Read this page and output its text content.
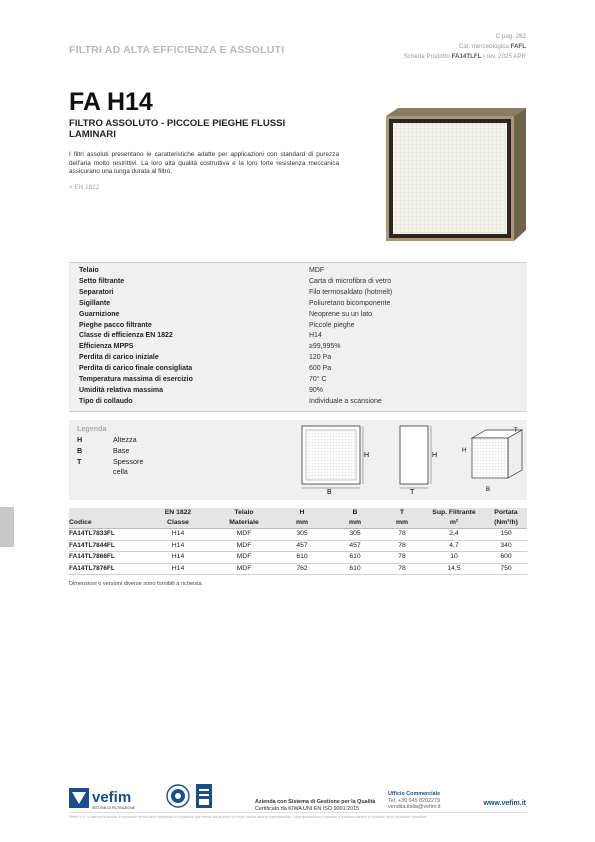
FILTRI AD ALTA EFFICIENZA E ASSOLUTI
C pag. 282
Cat. merceologica FAFL
Scheda Prodotto FA14TLFL | rev. 2025 APR
FA H14
FILTRO ASSOLUTO - PICCOLE PIEGHE FLUSSI LAMINARI
I filtri assoluti presentano le caratteristiche adatte per applicazioni con standard di purezza dell'aria molto restrittivi. La loro alta qualità costruttiva e la loro forte resistenza meccanica assicurano una lunga durata al filtro.
> EN 1822
Telaio	MDF
Setto filtrante	Carta di microfibra di vetro
Separatori	Filo termosaldato (hotmelt)
Sigillante	Poliuretano bicomponente
Guarnizione	Neoprene su un lato
Pieghe pacco filtrante	Piccole pieghe
Classe di efficienza EN 1822	H14
Efficienza MPPS	≥99,995%
Perdita di carico iniziale	120 Pa
Perdita di carico finale consigliata	600 Pa
Temperatura massima di esercizio	70° C
Umidità relativa massima	90%
Tipo di collaudo	Individuale a scansione
Legenda
H	Altezza
B	Base
T	Spessore cella
H
B
H
T
H
B
T
	EN 1822	Telaio	H	B	T	Sup. Filtrante	Portata
Codice	Classe	Materiale	mm	mm	mm	m²	(Nm³/h)
FA14TL7833FL	H14	MDF	305	305	78	2,4	150
FA14TL7844FL	H14	MDF	457	457	78	4,7	340
FA14TL7866FL	H14	MDF	610	610	78	10	600
FA14TL7876FL	H14	MDF	762	610	78	14,5	750
Dimensioni o versioni diverse sono fornibili a richiesta
vefim
SISTEMI DI FILTRAZIONE
Azienda con Sistema di Gestione per la Qualità
Certificato da KIWA UNI EN ISO 9001:2015
Ufficio Commerciale
Tel. +39 045 8202279
vendita.italia@vefim.it
www.vefim.it
Vefim S.r.l. si riserva la facoltà di apportare senza alcun preavviso le modifiche che riterrà utili ai propri prodotti, senza alcuna responsabilità. I dati riportati sono indicativi e possono variare in funzione delle condizioni operative.
